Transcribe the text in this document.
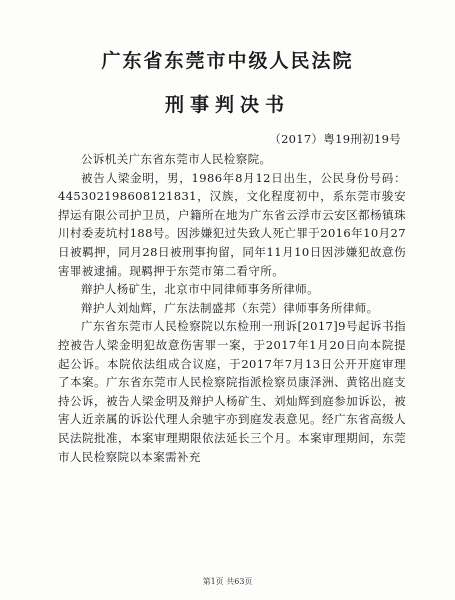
广东省东莞市中级人民法院
刑事判决书
（2017）粤19刑初19号

公诉机关广东省东莞市人民检察院。

被告人梁金明，男，1986年8月12日出生，公民身份号码：445302198608121831，汉族，文化程度初中，系东莞市骏安捍运有限公司护卫员，户籍所在地为广东省云浮市云安区都杨镇珠川村委麦坑村188号。因涉嫌犯过失致人死亡罪于2016年10月27日被羁押，同月28日被刑事拘留，同年11月10日因涉嫌犯故意伤害罪被逮捕。现羁押于东莞市第二看守所。

辩护人杨矿生，北京市中同律师事务所律师。

辩护人刘灿辉，广东法制盛邦（东莞）律师事务所律师。

广东省东莞市人民检察院以东检刑一刑诉[2017]9号起诉书指控被告人梁金明犯故意伤害罪一案，于2017年1月20日向本院提起公诉。本院依法组成合议庭，于2017年7月13日公开开庭审理了本案。广东省东莞市人民检察院指派检察员康泽洲、黄铭出庭支持公诉，被告人梁金明及辩护人杨矿生、刘灿辉到庭参加诉讼，被害人近亲属的诉讼代理人余驰宇亦到庭发表意见。经广东省高级人民法院批准，本案审理期限依法延长三个月。本案审理期间，东莞市人民检察院以本案需补充

第1页 共63页
